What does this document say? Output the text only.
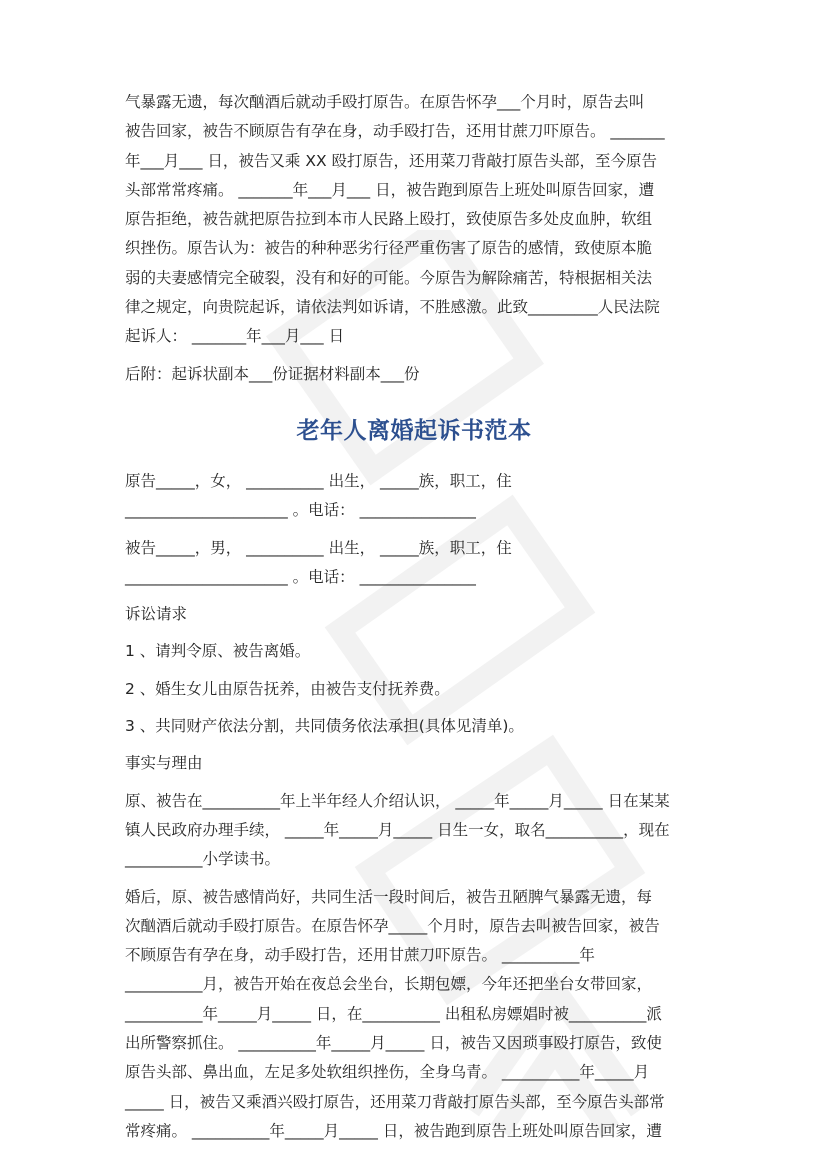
气暴露无遗，每次酗酒后就动手殴打原告。在原告怀孕___个月时，原告去叫
被告回家，被告不顾原告有孕在身，动手殴打告，还用甘蔗刀吓原告。 _______
年___月___ 日，被告又乘 XX 殴打原告，还用菜刀背敲打原告头部，至今原告
头部常常疼痛。 _______年___月___ 日，被告跑到原告上班处叫原告回家，遭
原告拒绝，被告就把原告拉到本市人民路上殴打，致使原告多处皮血肿，软组
织挫伤。原告认为：被告的种种恶劣行径严重伤害了原告的感情，致使原本脆
弱的夫妻感情完全破裂，没有和好的可能。今原告为解除痛苦，特根据相关法
律之规定，向贵院起诉，请依法判如诉请，不胜感激。此致_________人民法院
起诉人： _______年___月___ 日

后附：起诉状副本___份证据材料副本___份

老年人离婚起诉书范本
原告_____，女， __________ 出生， _____族，职工，住
_____________________ 。电话： _______________
被告_____，男， __________ 出生， _____族，职工，住
_____________________ 。电话： _______________

诉讼请求

1 、请判令原、被告离婚。

2 、婚生女儿由原告抚养，由被告支付抚养费。

3 、共同财产依法分割，共同债务依法承担(具体见清单)。

事实与理由

原、被告在__________年上半年经人介绍认识， _____年_____月_____ 日在某某
镇人民政府办理手续， _____年_____月_____ 日生一女，取名__________，现在
__________小学读书。
婚后，原、被告感情尚好，共同生活一段时间后，被告丑陋脾气暴露无遗，每
次酗酒后就动手殴打原告。在原告怀孕_____个月时，原告去叫被告回家，被告
不顾原告有孕在身，动手殴打告，还用甘蔗刀吓原告。 __________年
__________月，被告开始在夜总会坐台，长期包嫖，今年还把坐台女带回家，
__________年_____月_____ 日，在__________ 出租私房嫖娼时被__________派
出所警察抓住。 __________年_____月_____ 日，被告又因琐事殴打原告，致使
原告头部、鼻出血，左足多处软组织挫伤，全身乌青。 __________年_____月
_____ 日，被告又乘酒兴殴打原告，还用菜刀背敲打原告头部，至今原告头部常
常疼痛。 __________年_____月_____ 日，被告跑到原告上班处叫原告回家，遭
